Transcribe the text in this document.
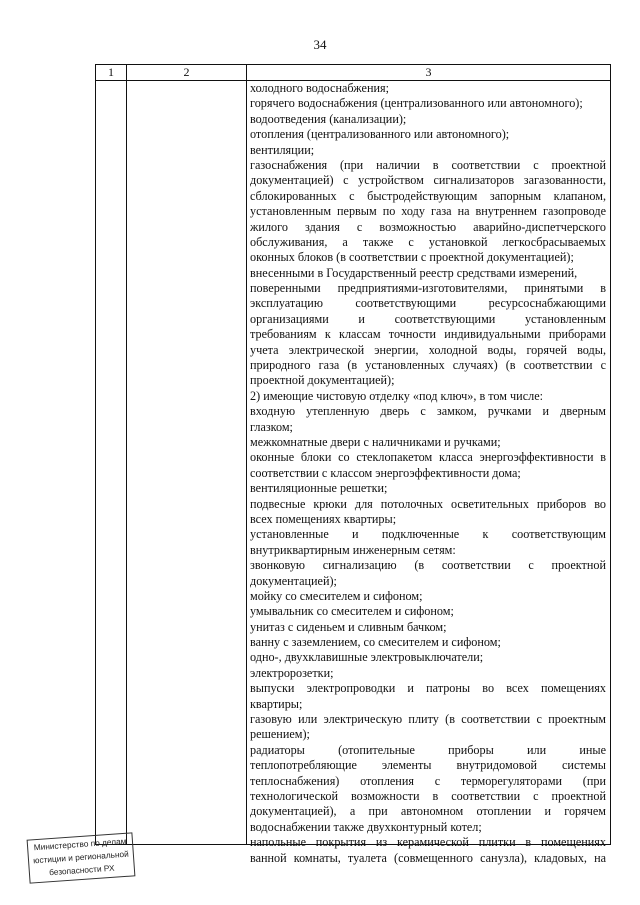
34
1	2	3
холодного водоснабжения;
горячего водоснабжения (централизованного или автономного);
водоотведения (канализации);
отопления (централизованного или автономного);
вентиляции;
газоснабжения (при наличии в соответствии с проектной
документацией) с устройством сигнализаторов загазованности,
сблокированных с быстродействующим запорным клапаном,
установленным первым по ходу газа на внутреннем газопроводе
жилого здания с возможностью аварийно-диспетчерского
обслуживания, а также с установкой легкосбрасываемых
оконных блоков (в соответствии с проектной документацией);
внесенными в Государственный реестр средствами измерений,
поверенными предприятиями-изготовителями, принятыми в
эксплуатацию соответствующими ресурсоснабжающими
организациями и соответствующими установленным
требованиям к классам точности индивидуальными приборами
учета электрической энергии, холодной воды, горячей воды,
природного газа (в установленных случаях) (в соответствии с
проектной документацией);
2) имеющие чистовую отделку «под ключ», в том числе:
входную утепленную дверь с замком, ручками и дверным
глазком;
межкомнатные двери с наличниками и ручками;
оконные блоки со стеклопакетом класса энергоэффективности в
соответствии с классом энергоэффективности дома;
вентиляционные решетки;
подвесные крюки для потолочных осветительных приборов во
всех помещениях квартиры;
установленные и подключенные к соответствующим
внутриквартирным инженерным сетям:
звонковую сигнализацию (в соответствии с проектной
документацией);
мойку со смесителем и сифоном;
умывальник со смесителем и сифоном;
унитаз с сиденьем и сливным бачком;
ванну с заземлением, со смесителем и сифоном;
одно-, двухклавишные электровыключатели;
электророзетки;
выпуски электропроводки и патроны во всех помещениях
квартиры;
газовую или электрическую плиту (в соответствии с проектным
решением);
радиаторы (отопительные приборы или иные
теплопотребляющие элементы внутридомовой системы
теплоснабжения) отопления с терморегуляторами (при
технологической возможности в соответствии с проектной
документацией), а при автономном отоплении и горячем
водоснабжении также двухконтурный котел;
напольные покрытия из керамической плитки в помещениях
ванной комнаты, туалета (совмещенного санузла), кладовых, на
Министерство по делам
юстиции и региональной
безопасности РХ
